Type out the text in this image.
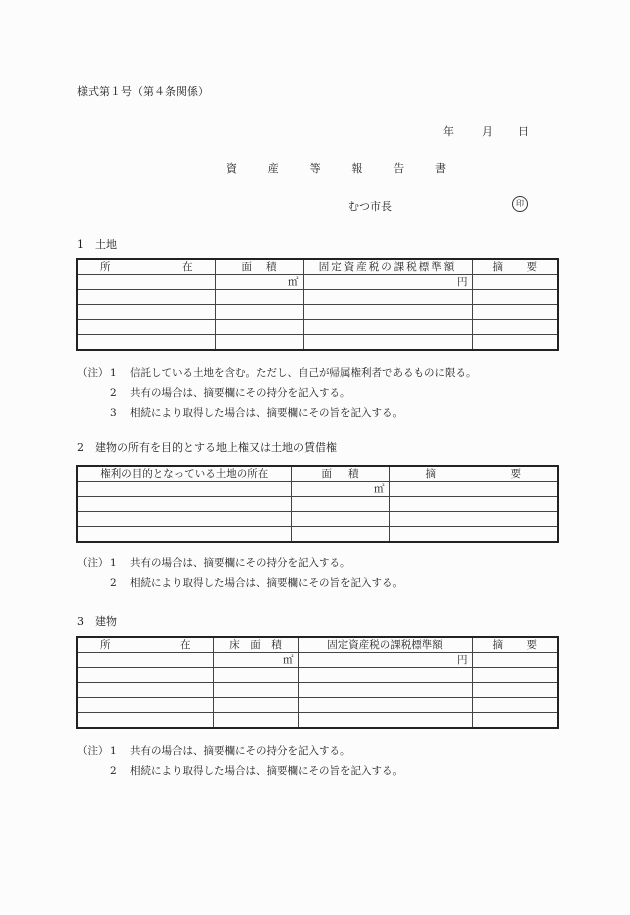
様式第１号（第４条関係）
年	月 日
資	産	等	報	告	書
むつ市長	印
1　土地
所 在	面 積	固定資産税の課税標準額	摘 要

	㎡	円	

（注） 1	信託している土地を含む。ただし、自己が帰属権利者であるものに限る。
2	共有の場合は、摘要欄にその持分を記入する。
3	相続により取得した場合は、摘要欄にその旨を記入する。
2　建物の所有を目的とする地上権又は土地の賃借権
権利の目的となっている土地の所在	面 積	摘 要

	㎡	

（注） 1	共有の場合は、摘要欄にその持分を記入する。
2	相続により取得した場合は、摘要欄にその旨を記入する。
3　建物
所 在	床　面　積	固定資産税の課税標準額	摘 要

	㎡	円	

（注） 1	共有の場合は、摘要欄にその持分を記入する。
2	相続により取得した場合は、摘要欄にその旨を記入する。
